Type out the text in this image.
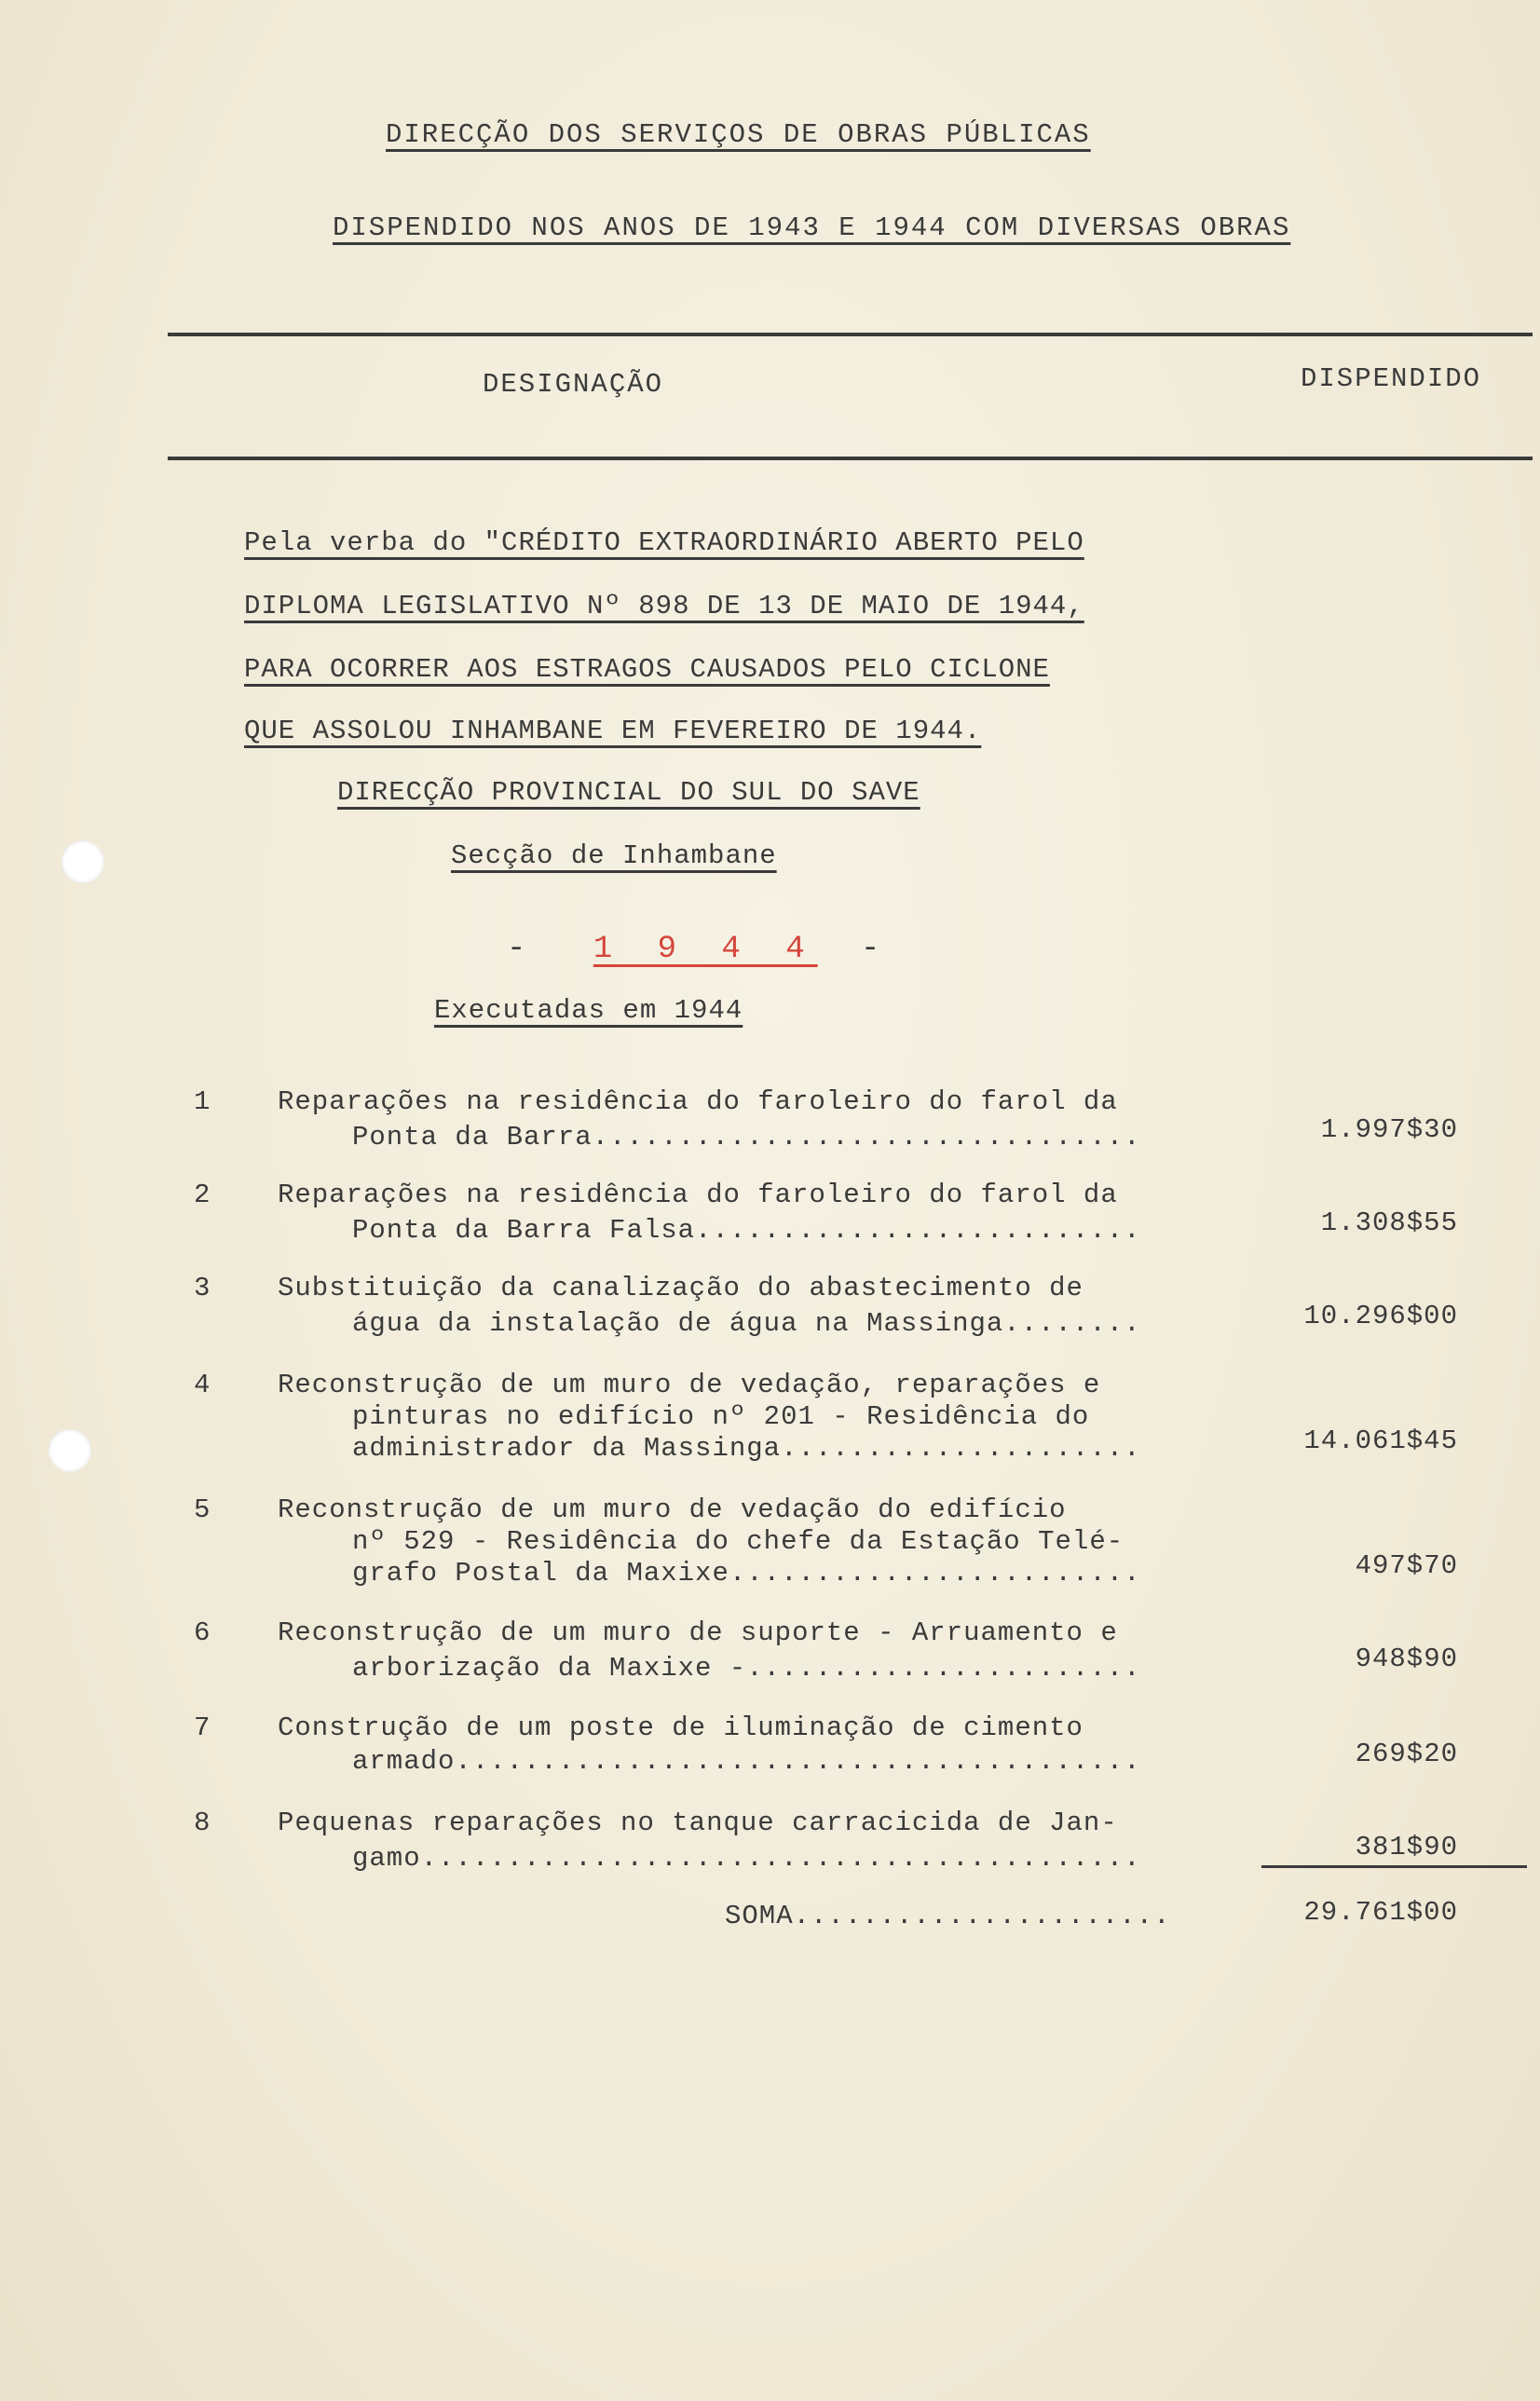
DIRECÇÃO DOS SERVIÇOS DE OBRAS PÚBLICAS
DISPENDIDO NOS ANOS DE 1943 E 1944 COM DIVERSAS OBRAS
DESIGNAÇÃO	DISPENDIDO
Pela verba do "CRÉDITO EXTRAORDINÁRIO ABERTO PELO
DIPLOMA LEGISLATIVO Nº 898 DE 13 DE MAIO DE 1944,
PARA OCORRER AOS ESTRAGOS CAUSADOS PELO CICLONE
QUE ASSOLOU INHAMBANE EM FEVEREIRO DE 1944.
DIRECÇÃO PROVINCIAL DO SUL DO SAVE
Secção de Inhambane
- 1 9 4 4 -
Executadas em 1944
1	Reparações na residência do faroleiro do farol da
Ponta da Barra................................	1.997$30
2	Reparações na residência do faroleiro do farol da
Ponta da Barra Falsa..........................	1.308$55
3	Substituição da canalização do abastecimento de
água da instalação de água na Massinga........	10.296$00
4	Reconstrução de um muro de vedação, reparações e
pinturas no edifício nº 201 - Residência do
administrador da Massinga.....................	14.061$45
5	Reconstrução de um muro de vedação do edifício
nº 529 - Residência do chefe da Estação Telé-
grafo Postal da Maxixe........................	497$70
6	Reconstrução de um muro de suporte - Arruamento e
arborização da Maxixe -.......................	948$90
7	Construção de um poste de iluminação de cimento
armado........................................	269$20
8	Pequenas reparações no tanque carracicida de Jan-
gamo..........................................	381$90
SOMA......................	29.761$00
